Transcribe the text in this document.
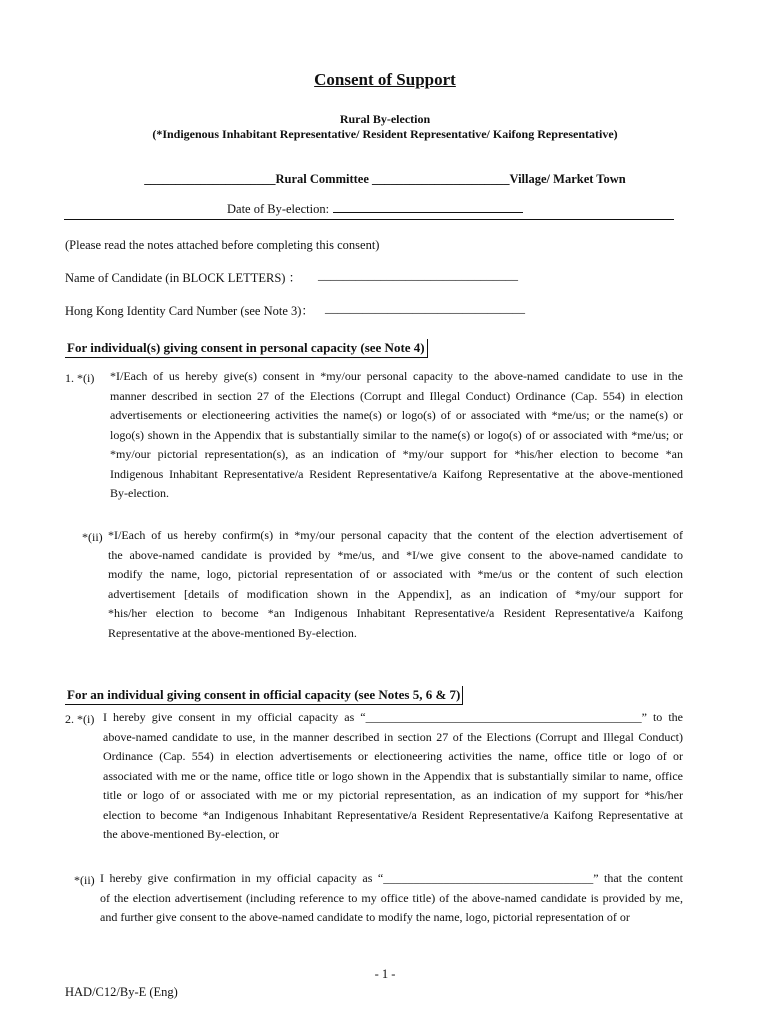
Consent of Support
Rural By-election
(*Indigenous Inhabitant Representative/ Resident Representative/ Kaifong Representative)
_____________________Rural Committee ______________________Village/ Market Town
Date of By-election:
(Please read the notes attached before completing this consent)
Name of Candidate (in BLOCK LETTERS) ： ________________________________
Hong Kong Identity Card Number (see Note 3)： ________________________________
For individual(s) giving consent in personal capacity (see Note 4)
1. *(i) *I/Each of us hereby give(s) consent in *my/our personal capacity to the above-named candidate to use in the
manner described in section 27 of the Elections (Corrupt and Illegal Conduct) Ordinance (Cap. 554) in election
advertisements or electioneering activities the name(s) or logo(s) of or associated with *me/us; or the name(s) or
logo(s) shown in the Appendix that is substantially similar to the name(s) or logo(s) of or associated with *me/us; or
*my/our pictorial representation(s), as an indication of *my/our support for *his/her election to become *an
Indigenous Inhabitant Representative/a Resident Representative/a Kaifong Representative at the above-mentioned
By-election.
*(ii) *I/Each of us hereby confirm(s) in *my/our personal capacity that the content of the election advertisement of
the above-named candidate is provided by *me/us, and *I/we give consent to the above-named candidate to
modify the name, logo, pictorial representation of or associated with *me/us or the content of such election
advertisement [details of modification shown in the Appendix], as an indication of *my/our support for
*his/her election to become *an Indigenous Inhabitant Representative/a Resident Representative/a Kaifong
Representative at the above-mentioned By-election.
For an individual giving consent in official capacity (see Notes 5, 6 & 7)
2. *(i) I hereby give consent in my official capacity as “______________________________________________” to the
above-named candidate to use, in the manner described in section 27 of the Elections (Corrupt and Illegal Conduct)
Ordinance (Cap. 554) in election advertisements or electioneering activities the name, office title or logo of or
associated with me or the name, office title or logo shown in the Appendix that is substantially similar to name, office
title or logo of or associated with me or my pictorial representation, as an indication of my support for *his/her
election to become *an Indigenous Inhabitant Representative/a Resident Representative/a Kaifong Representative at
the above-mentioned By-election, or
*(ii) I hereby give confirmation in my official capacity as “___________________________________” that the content
of the election advertisement (including reference to my office title) of the above-named candidate is provided by me,
and further give consent to the above-named candidate to modify the name, logo, pictorial representation of or
- 1 -
HAD/C12/By-E (Eng)
